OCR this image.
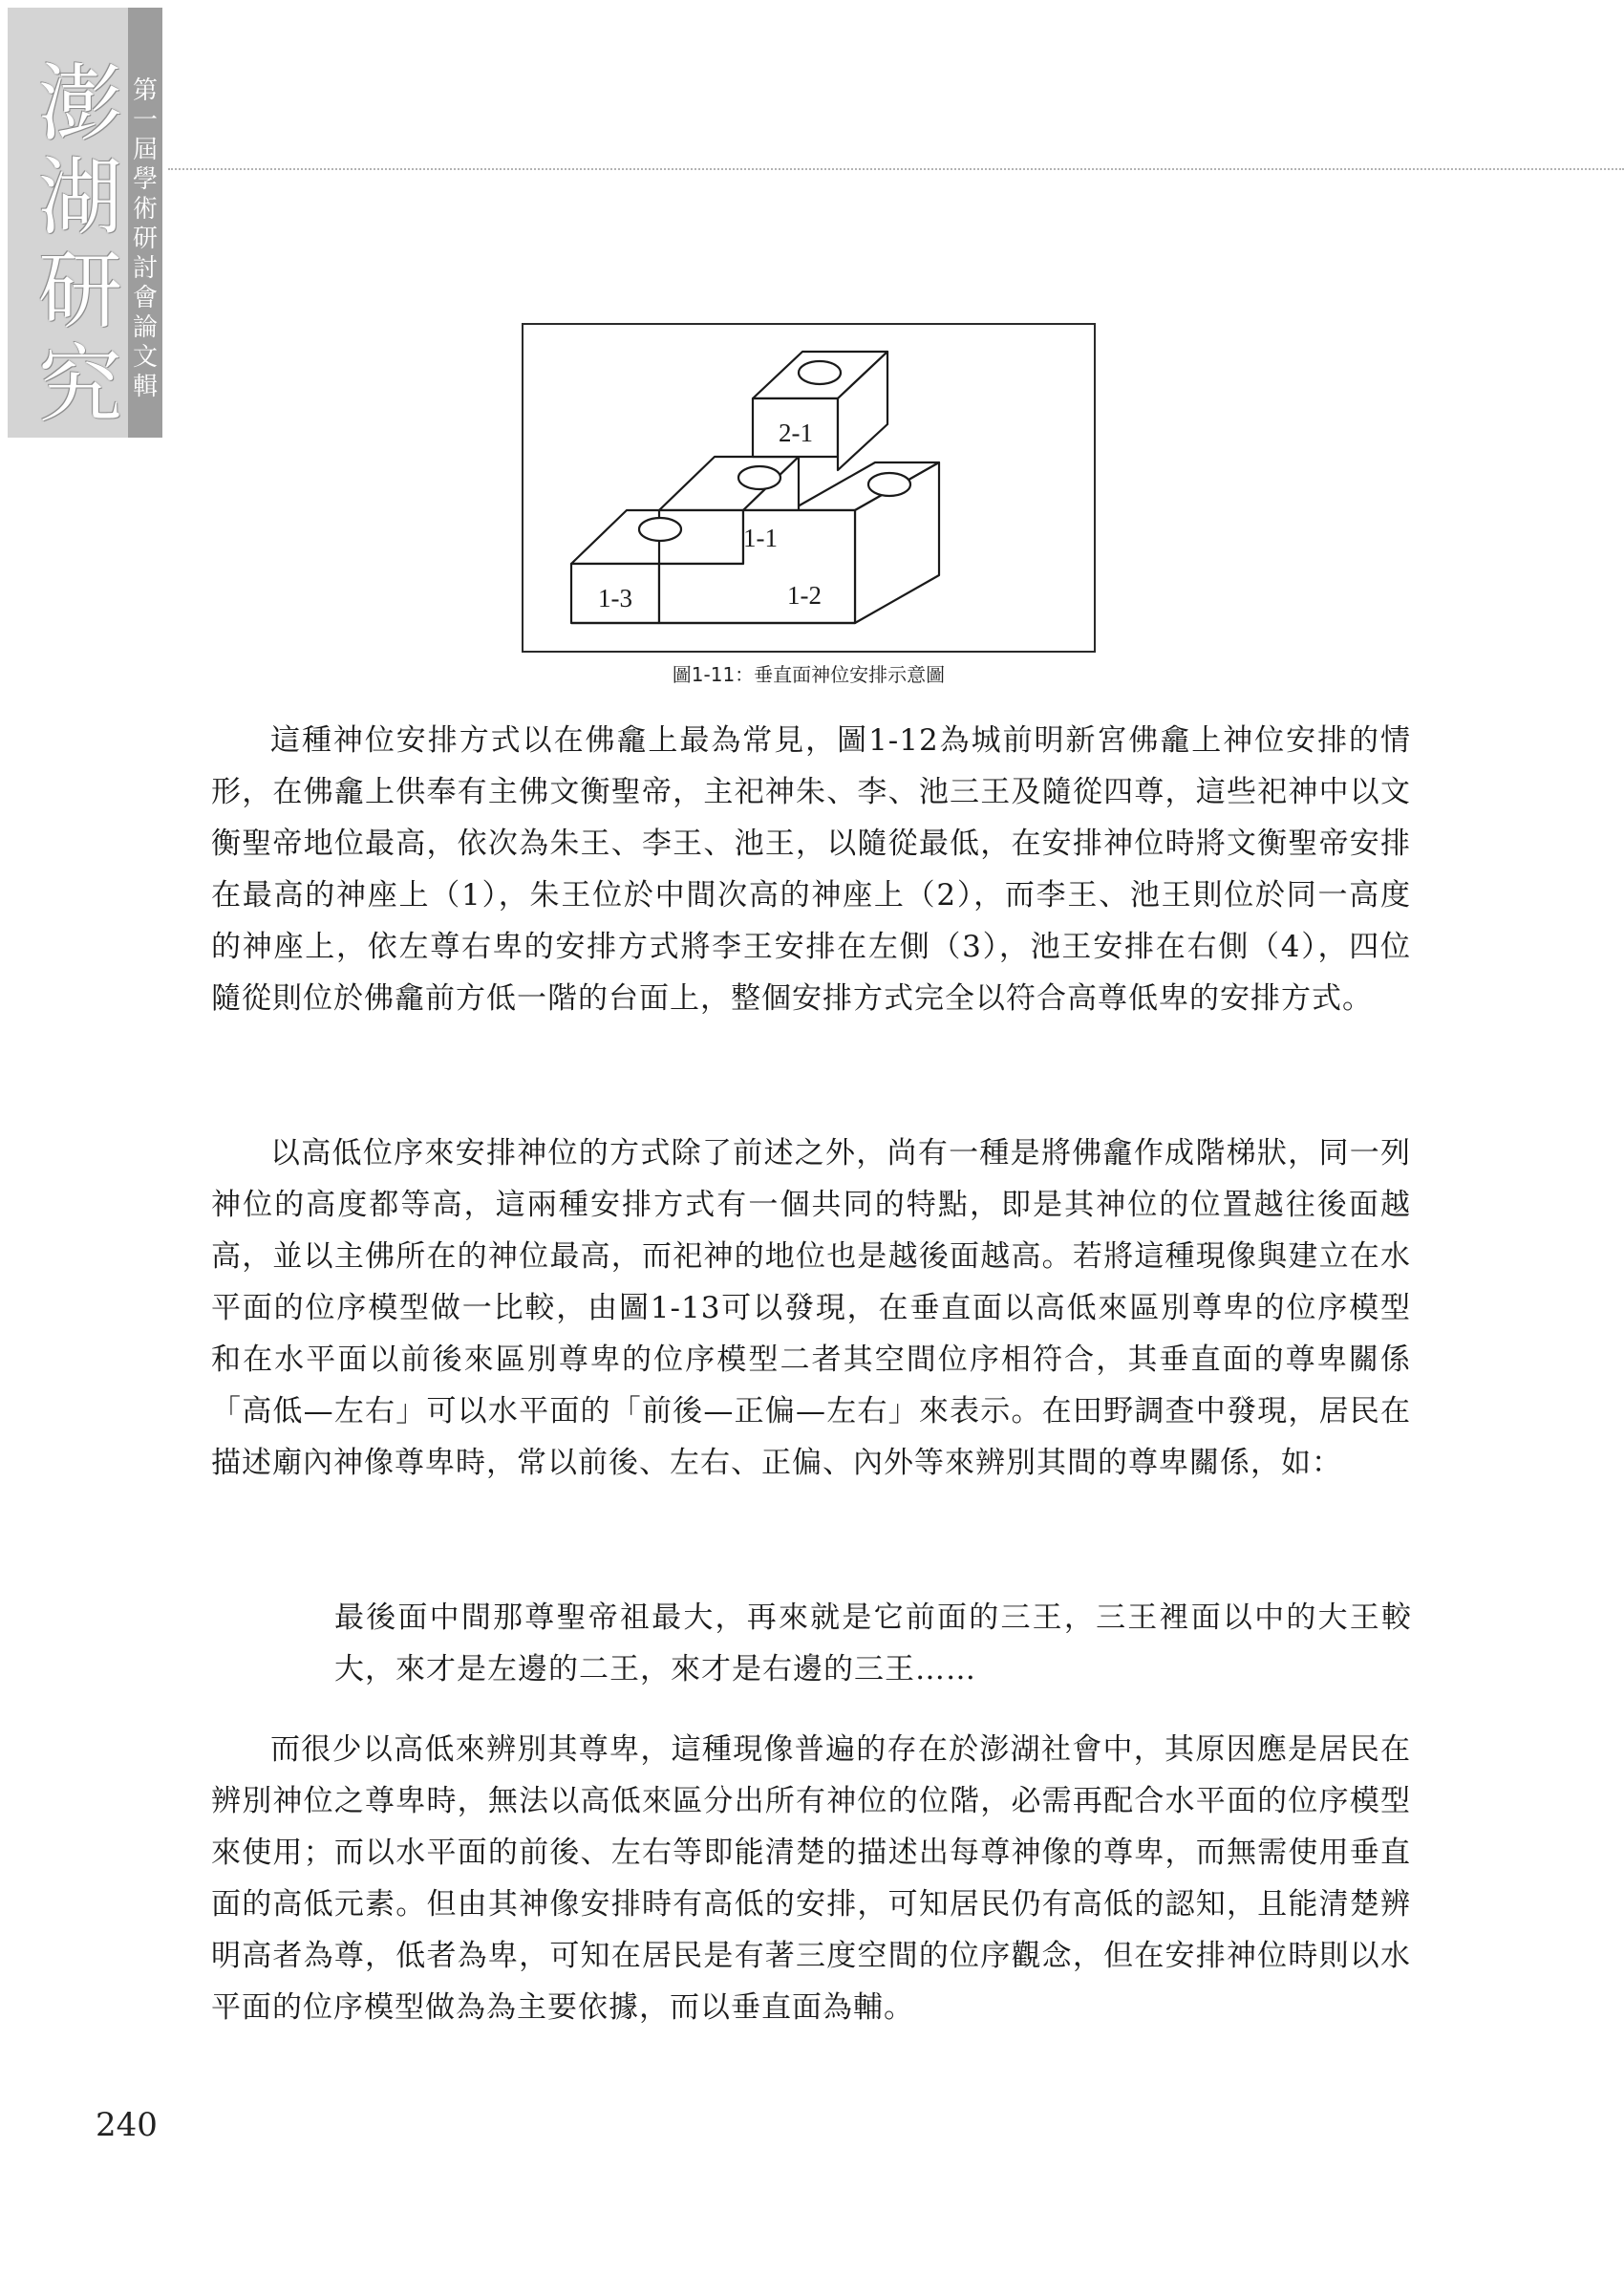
澎湖研究
第一屆學術研討會論文輯
2-1
1-1
1-3	1-2
圖1-11：垂直面神位安排示意圖

這種神位安排方式以在佛龕上最為常見，圖1-12為城前明新宮佛龕上神位安排的情形，在佛龕上供奉有主佛文衡聖帝，主祀神朱、李、池三王及隨從四尊，這些祀神中以文衡聖帝地位最高，依次為朱王、李王、池王，以隨從最低，在安排神位時將文衡聖帝安排在最高的神座上（1），朱王位於中間次高的神座上（2），而李王、池王則位於同一高度的神座上，依左尊右卑的安排方式將李王安排在左側（3），池王安排在右側（4），四位隨從則位於佛龕前方低一階的台面上，整個安排方式完全以符合高尊低卑的安排方式。

以高低位序來安排神位的方式除了前述之外，尚有一種是將佛龕作成階梯狀，同一列神位的高度都等高，這兩種安排方式有一個共同的特點，即是其神位的位置越往後面越高，並以主佛所在的神位最高，而祀神的地位也是越後面越高。若將這種現像與建立在水平面的位序模型做一比較，由圖1-13可以發現，在垂直面以高低來區別尊卑的位序模型和在水平面以前後來區別尊卑的位序模型二者其空間位序相符合，其垂直面的尊卑關係「高低—左右」可以水平面的「前後—正偏—左右」來表示。在田野調查中發現，居民在描述廟內神像尊卑時，常以前後、左右、正偏、內外等來辨別其間的尊卑關係，如：

最後面中間那尊聖帝祖最大，再來就是它前面的三王，三王裡面以中的大王較大，來才是左邊的二王，來才是右邊的三王……

而很少以高低來辨別其尊卑，這種現像普遍的存在於澎湖社會中，其原因應是居民在辨別神位之尊卑時，無法以高低來區分出所有神位的位階，必需再配合水平面的位序模型來使用；而以水平面的前後、左右等即能清楚的描述出每尊神像的尊卑，而無需使用垂直面的高低元素。但由其神像安排時有高低的安排，可知居民仍有高低的認知，且能清楚辨明高者為尊，低者為卑，可知在居民是有著三度空間的位序觀念，但在安排神位時則以水平面的位序模型做為為主要依據，而以垂直面為輔。

240
